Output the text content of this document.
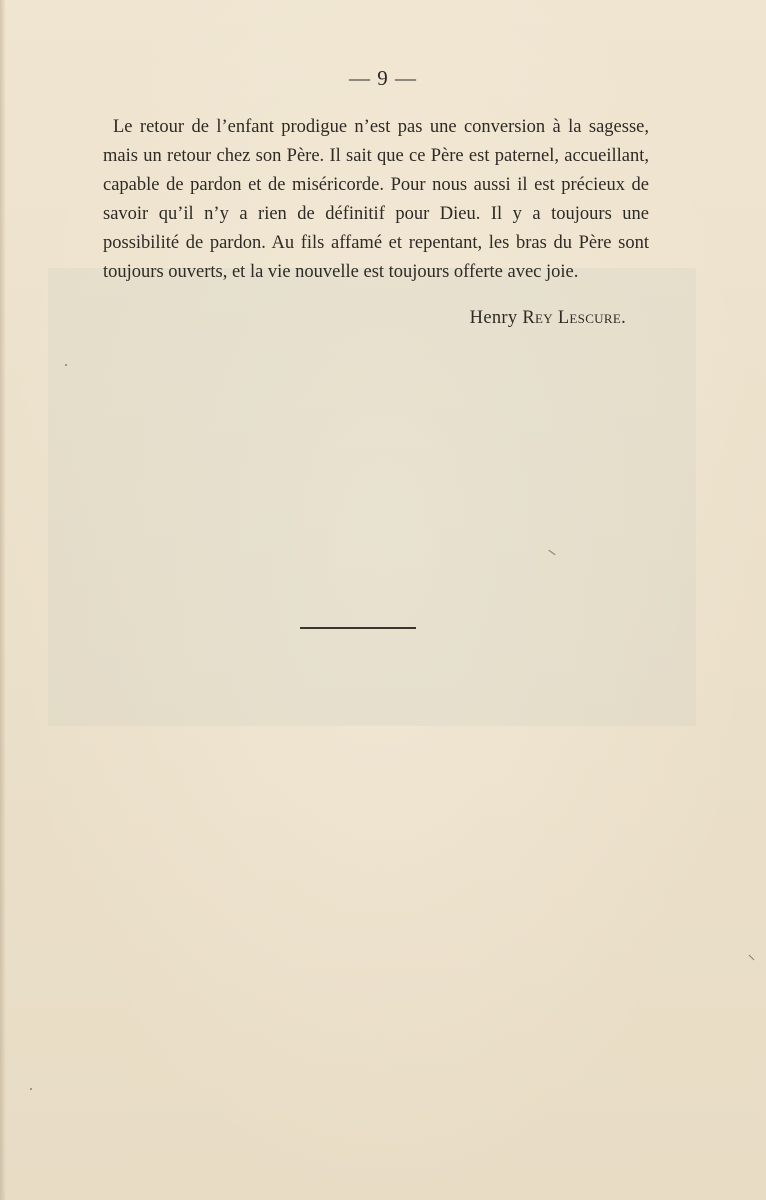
— 9 —

Le retour de l’enfant prodigue n’est pas une conversion à la sagesse, mais un retour chez son Père. Il sait que ce Père est paternel, accueillant, capable de pardon et de miséricorde. Pour nous aussi il est précieux de savoir qu’il n’y a rien de définitif pour Dieu. Il y a toujours une possibilité de pardon. Au fils affamé et repentant, les bras du Père sont toujours ouverts, et la vie nouvelle est toujours offerte avec joie.

Henry Rey Lescure.
